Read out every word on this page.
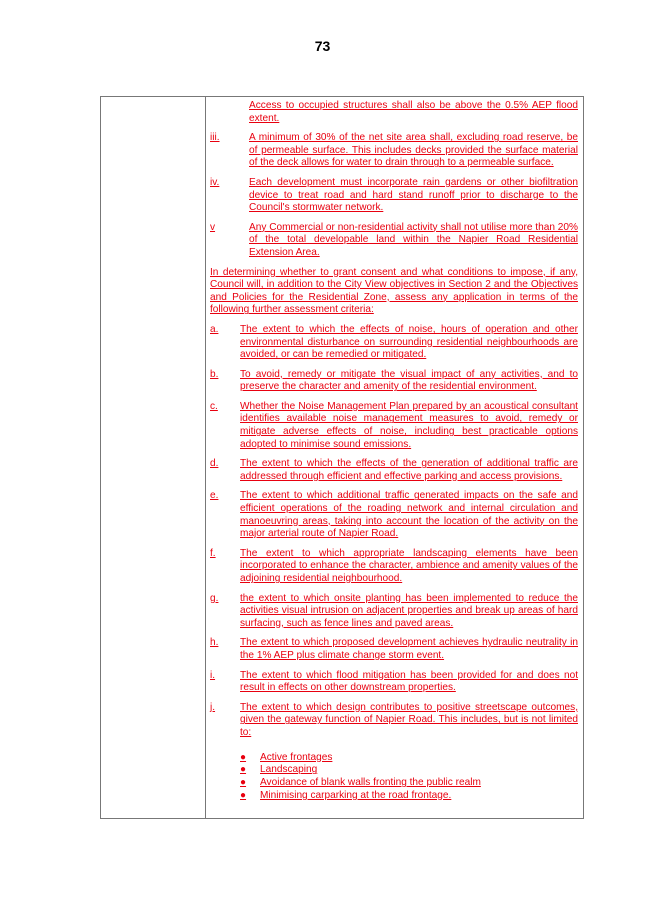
73
Access to occupied structures shall also be above the 0.5% AEP flood extent.
iii.	A minimum of 30% of the net site area shall, excluding road reserve, be of permeable surface. This includes decks provided the surface material of the deck allows for water to drain through to a permeable surface.
iv.	Each development must incorporate rain gardens or other biofiltration device to treat road and hard stand runoff prior to discharge to the Council's stormwater network.
v	Any Commercial or non-residential activity shall not utilise more than 20% of the total developable land within the Napier Road Residential Extension Area.
In determining whether to grant consent and what conditions to impose, if any, Council will, in addition to the City View objectives in Section 2 and the Objectives and Policies for the Residential Zone, assess any application in terms of the following further assessment criteria:
a.	The extent to which the effects of noise, hours of operation and other environmental disturbance on surrounding residential neighbourhoods are avoided, or can be remedied or mitigated.
b.	To avoid, remedy or mitigate the visual impact of any activities, and to preserve the character and amenity of the residential environment.
c.	Whether the Noise Management Plan prepared by an acoustical consultant identifies available noise management measures to avoid, remedy or mitigate adverse effects of noise, including best practicable options adopted to minimise sound emissions.
d.	The extent to which the effects of the generation of additional traffic are addressed through efficient and effective parking and access provisions.
e.	The extent to which additional traffic generated impacts on the safe and efficient operations of the roading network and internal circulation and manoeuvring areas, taking into account the location of the activity on the major arterial route of Napier Road.
f.	The extent to which appropriate landscaping elements have been incorporated to enhance the character, ambience and amenity values of the adjoining residential neighbourhood.
g.	the extent to which onsite planting has been implemented to reduce the activities visual intrusion on adjacent properties and break up areas of hard surfacing, such as fence lines and paved areas.
h.	The extent to which proposed development achieves hydraulic neutrality in the 1% AEP plus climate change storm event.
i.	The extent to which flood mitigation has been provided for and does not result in effects on other downstream properties.
j.	The extent to which design contributes to positive streetscape outcomes, given the gateway function of Napier Road. This includes, but is not limited to:
●	Active frontages
●	Landscaping
●	Avoidance of blank walls fronting the public realm
●	Minimising carparking at the road frontage.
